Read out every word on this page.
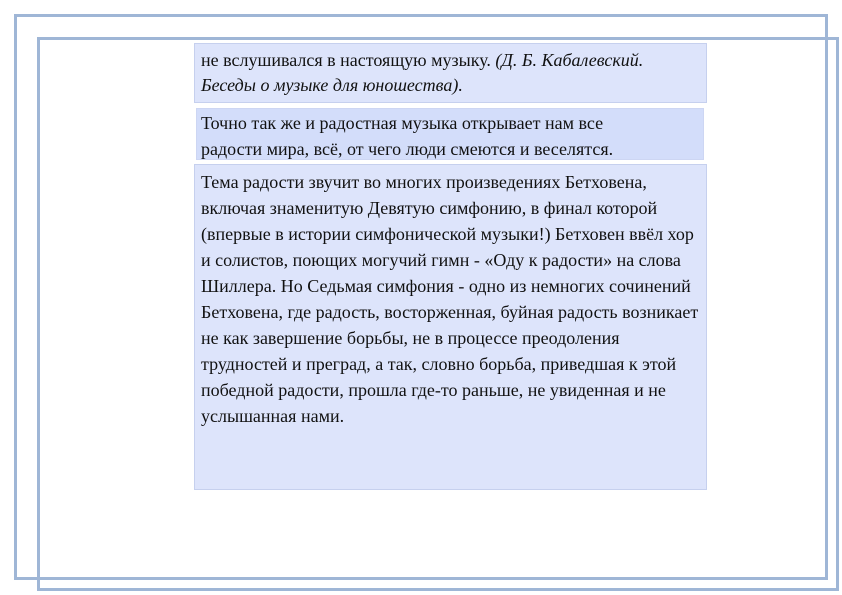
не вслушивался в настоящую музыку. (Д. Б. Кабалевский. Беседы о музыке для юношества).
Точно так же и радостная музыка открывает нам все
радости мира, всё, от чего люди смеются и веселятся.
Тема радости звучит во многих произведениях Бетховена, включая знаменитую Девятую симфонию, в финал которой (впервые в истории симфонической музыки!) Бетховен ввёл хор и солистов, поющих могучий гимн - «Оду к радости» на слова Шиллера. Но Седьмая симфония - одно из немногих сочинений Бетховена, где радость, восторженная, буйная радость возникает не как завершение борьбы, не в процессе преодоления трудностей и преград, а так, словно борьба, приведшая к этой победной радости, прошла где-то раньше, не увиденная и не услышанная нами.
